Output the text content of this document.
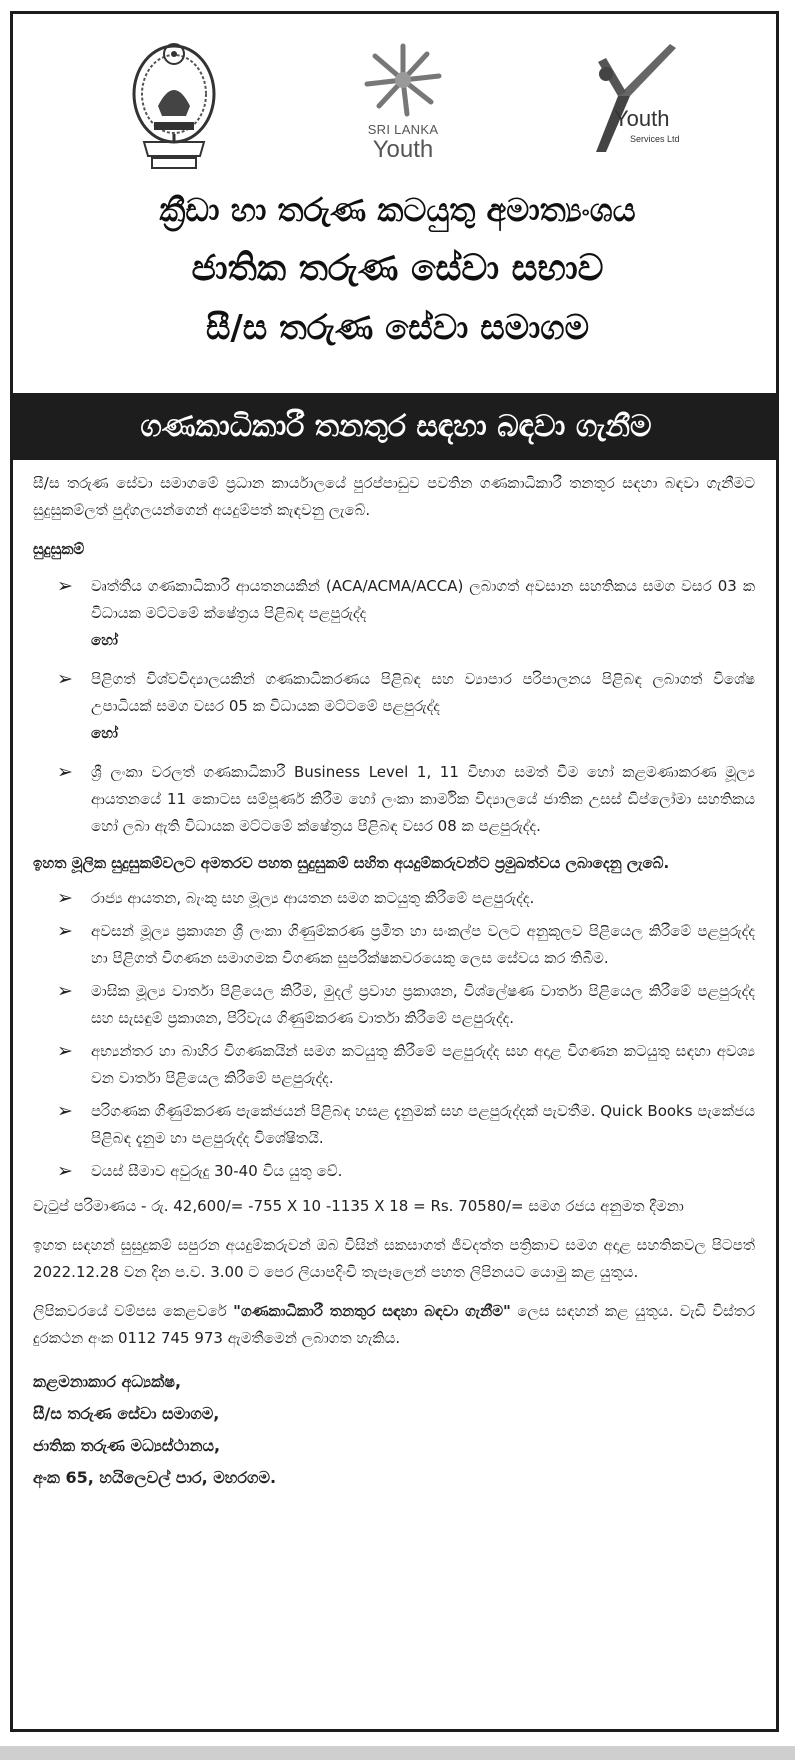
SRI LANKA
Youth
Youth
Services Ltd
ක්‍රීඩා හා තරුණ කටයුතු අමාත්‍යංශය
ජාතික තරුණ සේවා සභාව
සී/ස තරුණ සේවා සමාගම
ගණකාධිකාරී තනතුර සඳහා බඳවා ගැනීම

සී/ස තරුණ සේවා සමාගමේ ප්‍රධාන කාර්යාලයේ පුරප්පාඩුව පවතින ගණකාධිකාරී තනතුර සඳහා බඳවා ගැනීමට සුදුසුකම්ලත් පුද්ගලයන්ගෙන් අයදුම්පත් කැඳවනු ලැබේ.

සුදුසුකම්
➢ වෘත්තීය ගණකාධිකාරී ආයතනයකින් (ACA/ACMA/ACCA) ලබාගත් අවසාන සහතිකය සමග වසර 03 ක විධායක මට්ටමේ ක්ෂේත්‍රය පිළිබඳ පළපුරුද්ද
හෝ
➢ පිළිගත් විශ්වවිද්‍යාලයකින් ගණකාධිකරණය පිළිබඳ සහ ව්‍යාපාර පරිපාලනය පිළිබඳ ලබාගත් විශේෂ උපාධියක් සමග වසර 05 ක විධායක මට්ටමේ පළපුරුද්ද
හෝ
➢ ශ්‍රී ලංකා වරලත් ගණකාධිකාරී Business Level 1, 11 විභාග සමත් වීම හෝ කළමණාකරණ මූල්‍ය ආයතනයේ 11 කොටස සම්පූර්ණ කිරීම හෝ ලංකා කාර්මික විද්‍යාලයේ ජාතික උසස් ඩිප්ලෝමා සහතිකය හෝ ලබා ඇති විධායක මට්ටමේ ක්ෂේත්‍රය පිළිබඳ වසර 08 ක පළපුරුද්ද.
ඉහත මූලික සුදුසුකම්වලට අමතරව පහත සුදුසුකම් සහිත අයදුම්කරුවන්ට ප්‍රමුඛත්වය ලබාදෙනු ලැබේ.
➢ රාජ්‍ය ආයතන, බැංකු සහ මූල්‍ය ආයතන සමග කටයුතු කිරීමේ පළපුරුද්ද.
➢ අවසන් මූල්‍ය ප්‍රකාශන ශ්‍රී ලංකා ගිණුම්කරණ ප්‍රමිත හා සංකල්ප වලට අනුකූලව පිළියෙල කිරීමේ පළපුරුද්ද හා පිළිගත් විගණන සමාගමක විගණක සුපරීක්ෂකවරයෙකු ලෙස සේවය කර තිබීම.
➢ මාසික මූල්‍ය වාර්තා පිළියෙල කිරීම, මුදල් ප්‍රවාහ ප්‍රකාශන, විශ්ලේෂණ වාර්තා පිළියෙල කිරීමේ පළපුරුද්ද සහ සැසඳුම් ප්‍රකාශන, පිරිවැය ගිණුම්කරණ වාර්තා කිරීමේ පළපුරුද්ද.
➢ අභ්‍යන්තර හා බාහිර විගණකයින් සමග කටයුතු කිරීමේ පළපුරුද්ද සහ අදාළ විගණන කටයුතු සඳහා අවශ්‍ය වන වාර්තා පිළියෙල කිරීමේ පළපුරුද්ද.
➢ පරිගණක ගිණුම්කරණ පැකේජයන් පිළිබඳ හසළ දැනුමක් සහ පළපුරුද්දක් පැවතීම. Quick Books පැකේජය පිළිබඳ දැනුම හා පළපුරුද්ද විශේෂිතයි.
➢ වයස් සීමාව අවුරුදු 30-40 විය යුතු වේ.

වැටුප් පරිමාණය - රු. 42,600/= -755 X 10 -1135 X 18 = Rs. 70580/= සමග රජය අනුමත දීමනා

ඉහත සඳහන් සුසුදුකම් සපුරන අයදුම්කරුවන් ඔබ විසින් සකසාගත් ජීවදත්ත පත්‍රිකාව සමග අදාළ සහතිකවල පිටපත් 2022.12.28 වන දින ප.ව. 3.00 ට පෙර ලියාපදිංචි තැපෑලෙන් පහත ලිපිනයට යොමු කළ යුතුය.

ලිපිකවරයේ වම්පස කෙළවරේ "ගණකාධිකාරී තනතුර සඳහා බඳවා ගැනීම" ලෙස සඳහන් කළ යුතුය. වැඩි විස්තර දුරකථන අංක 0112 745 973 ඇමතීමෙන් ලබාගත හැකිය.

කළමනාකාර අධ්‍යක්ෂ,
සී/ස තරුණ සේවා සමාගම,
ජාතික තරුණ මධ්‍යස්ථානය,
අංක 65, හයිලෙවල් පාර, මහරගම.
